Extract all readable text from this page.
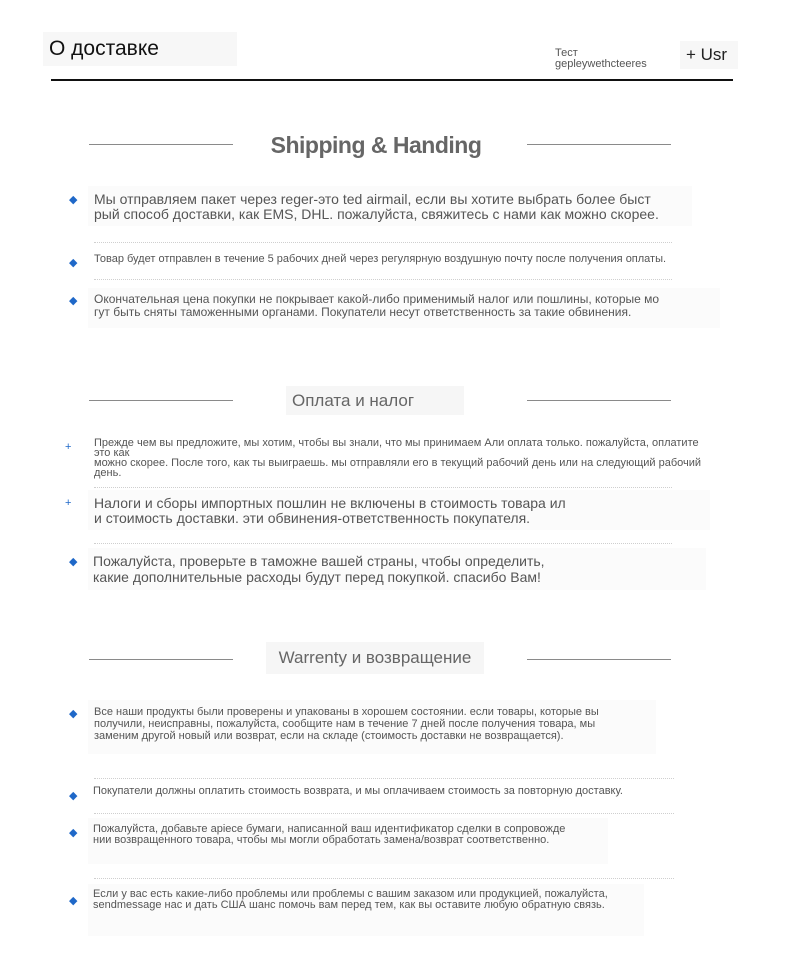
О доставке	Тест
gepleywethcteeres	+ Usr
Shipping & Handing
◆ Мы отправляем пакет через reger-это ted airmail, если вы хотите выбрать более быст
рый способ доставки, как EMS, DHL. пожалуйста, свяжитесь с нами как можно скорее.
◆ Товар будет отправлен в течение 5 рабочих дней через регулярную воздушную почту после получения оплаты.
◆ Окончательная цена покупки не покрывает какой-либо применимый налог или пошлины, которые мо
гут быть сняты таможенными органами. Покупатели несут ответственность за такие обвинения.
Оплата и налог
+ Прежде чем вы предложите, мы хотим, чтобы вы знали, что мы принимаем Али оплата только. пожалуйста, оплатите это как
можно скорее. После того, как ты выиграешь. мы отправляли его в текущий рабочий день или на следующий рабочий день.
+ Налоги и сборы импортных пошлин не включены в стоимость товара ил
и стоимость доставки. эти обвинения-ответственность покупателя.
◆ Пожалуйста, проверьте в таможне вашей страны, чтобы определить,
какие дополнительные расходы будут перед покупкой. спасибо Вам!
Warrenty и возвращение
◆ Все наши продукты были проверены и упакованы в хорошем состоянии. если товары, которые вы
получили, неисправны, пожалуйста, сообщите нам в течение 7 дней после получения товара, мы
заменим другой новый или возврат, если на складе (стоимость доставки не возвращается).
◆ Покупатели должны оплатить стоимость возврата, и мы оплачиваем стоимость за повторную доставку.
◆ Пожалуйста, добавьте apiece бумаги, написанной ваш идентификатор сделки в сопровожде
нии возвращенного товара, чтобы мы могли обработать замена/возврат соответственно.
◆
Если у вас есть какие-либо проблемы или проблемы с вашим заказом или продукцией, пожалуйста,
sendmessage нас и дать США шанс помочь вам перед тем, как вы оставите любую обратную связь.
